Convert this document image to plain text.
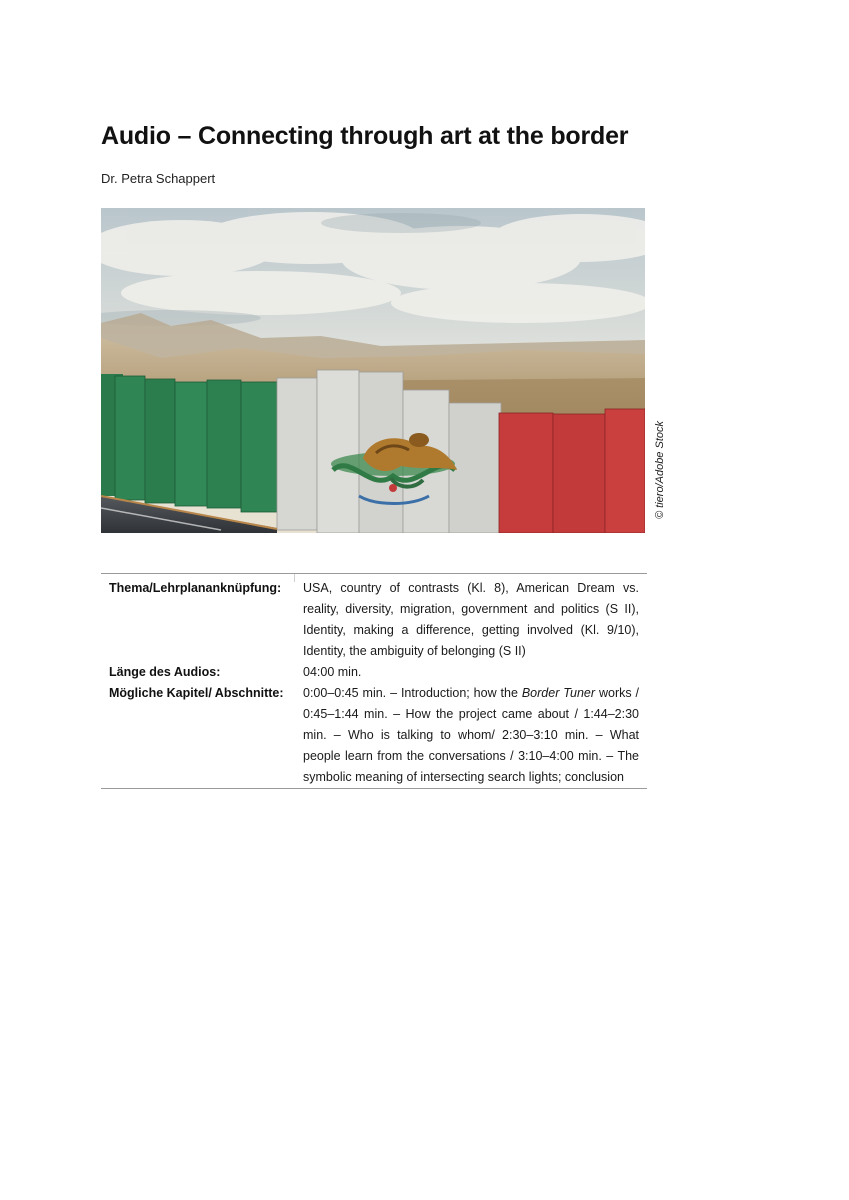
Audio – Connecting through art at the border
Dr. Petra Schappert
© tiero/Adobe Stock
Thema/Lehrplananknüpfung:	USA, country of contrasts (Kl. 8), American Dream vs. reality, diversity, migration, government and politics (S II), Identity, making a difference, getting involved (Kl. 9/10), Identity, the ambiguity of belonging (S II)
Länge des Audios:	04:00 min.
Mögliche Kapitel/ Abschnitte:	0:00–0:45 min. – Introduction; how the Border Tuner works / 0:45–1:44 min. – How the project came about / 1:44–2:30 min. – Who is talking to whom/ 2:30–3:10 min. – What people learn from the conversations / 3:10–4:00 min. – The symbolic meaning of intersecting search lights; conclusion
